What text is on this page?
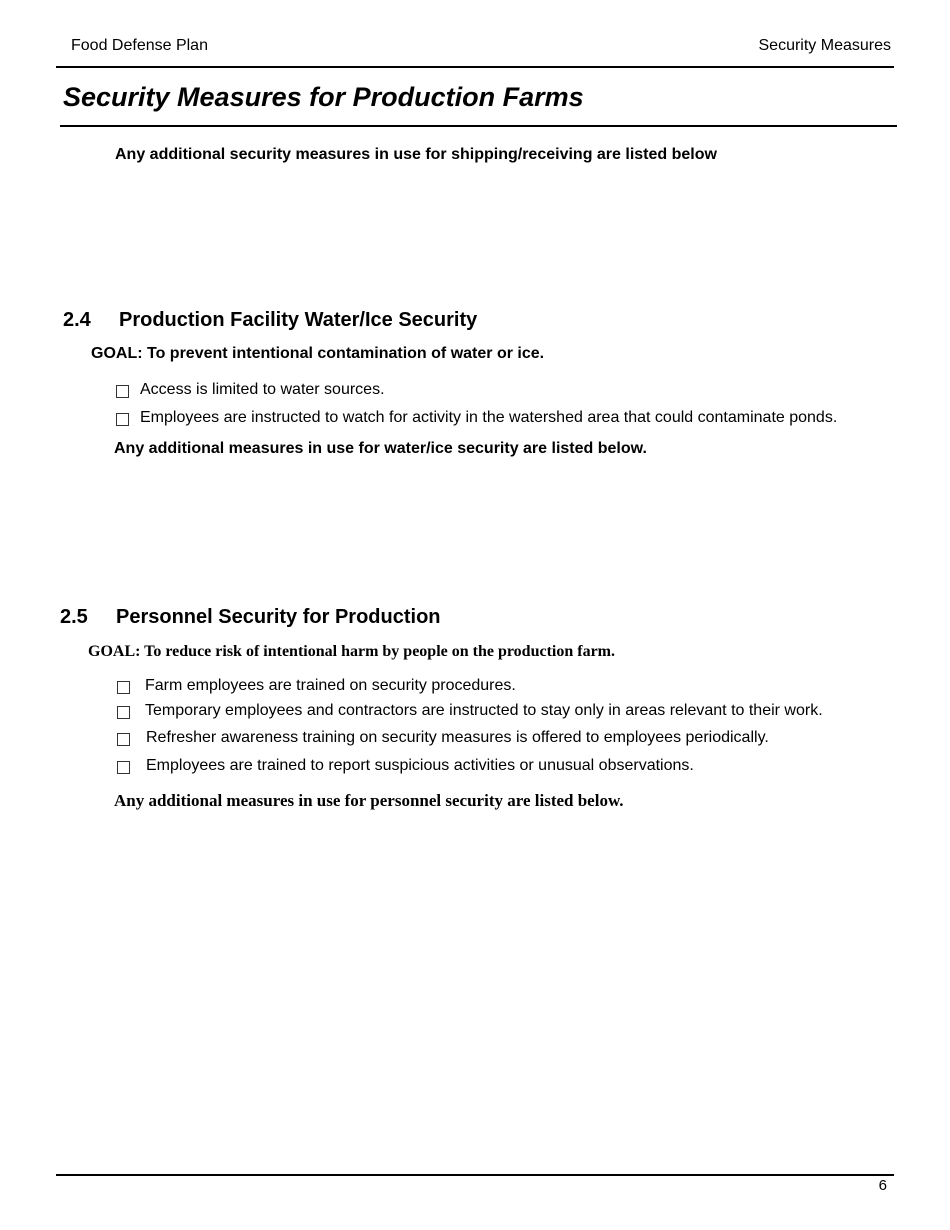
Food Defense Plan	Security Measures
Security Measures for Production Farms
Any additional security measures in use for shipping/receiving are listed below
2.4 Production Facility Water/Ice Security
GOAL: To prevent intentional contamination of water or ice.
Access is limited to water sources.
Employees are instructed to watch for activity in the watershed area that could contaminate ponds.
Any additional measures in use for water/ice security are listed below.
2.5 Personnel Security for Production
GOAL: To reduce risk of intentional harm by people on the production farm.
Farm employees are trained on security procedures.
Temporary employees and contractors are instructed to stay only in areas relevant to their work.
Refresher awareness training on security measures is offered to employees periodically.
Employees are trained to report suspicious activities or unusual observations.
Any additional measures in use for personnel security are listed below.
6
